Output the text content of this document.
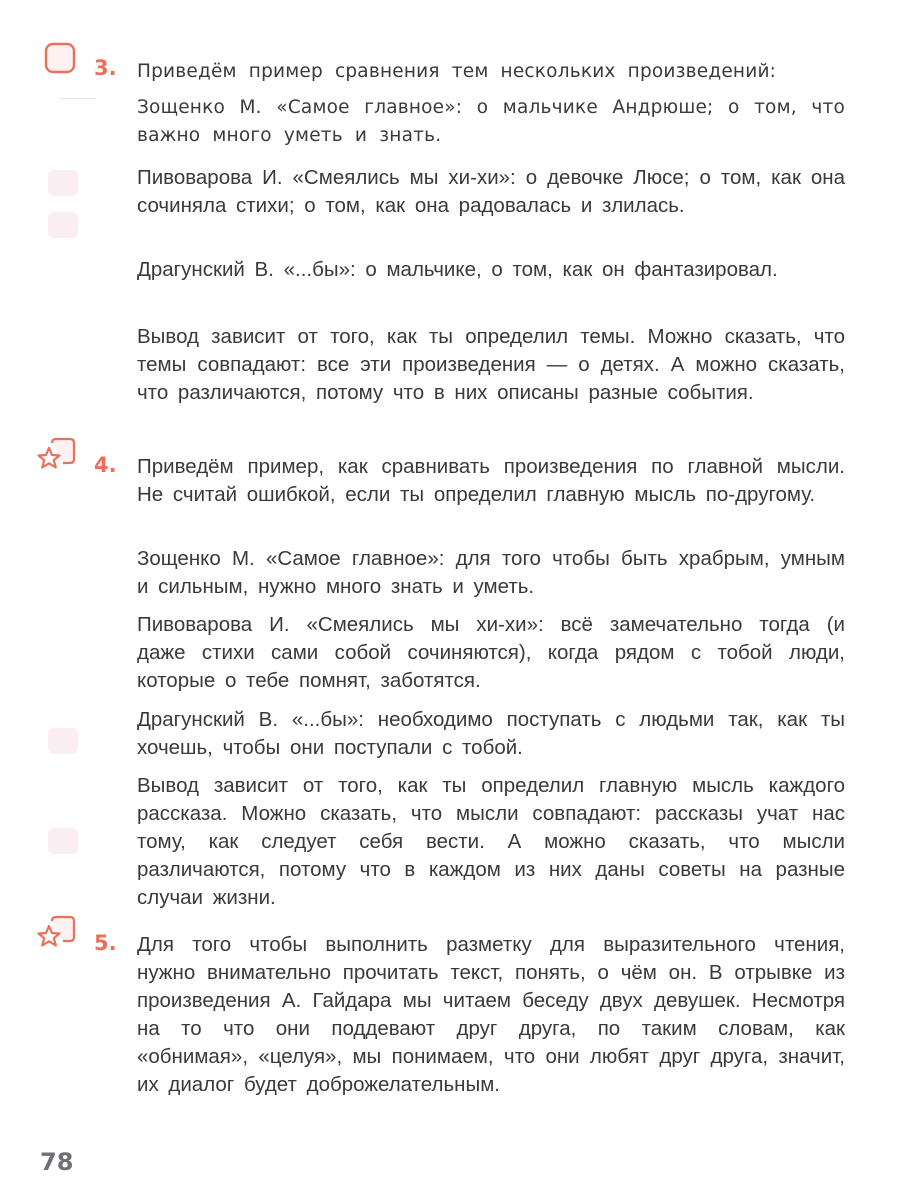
3. Приведём пример сравнения тем нескольких произведений:

Зощенко М. «Самое главное»: о мальчике Андрюше; о том, что важно много уметь и знать.

Пивоварова И. «Смеялись мы хи-хи»: о девочке Люсе; о том, как она сочиняла стихи; о том, как она радовалась и злилась.

Драгунский В. «...бы»: о мальчике, о том, как он фантазировал.

Вывод зависит от того, как ты определил темы. Можно сказать, что темы совпадают: все эти произведения — о детях. А можно сказать, что различаются, потому что в них описаны разные события.

4. Приведём пример, как сравнивать произведения по главной мысли. Не считай ошибкой, если ты определил главную мысль по-другому.

Зощенко М. «Самое главное»: для того чтобы быть храбрым, умным и сильным, нужно много знать и уметь.

Пивоварова И. «Смеялись мы хи-хи»: всё замечательно тогда (и даже стихи сами собой сочиняются), когда рядом с тобой люди, которые о тебе помнят, заботятся.

Драгунский В. «...бы»: необходимо поступать с людьми так, как ты хочешь, чтобы они поступали с тобой.

Вывод зависит от того, как ты определил главную мысль каждого рассказа. Можно сказать, что мысли совпадают: рассказы учат нас тому, как следует себя вести. А можно сказать, что мысли различаются, потому что в каждом из них даны советы на разные случаи жизни.

5. Для того чтобы выполнить разметку для выразительного чтения, нужно внимательно прочитать текст, понять, о чём он. В отрывке из произведения А. Гайдара мы читаем беседу двух девушек. Несмотря на то что они поддевают друг друга, по таким словам, как «обнимая», «целуя», мы понимаем, что они любят друг друга, значит, их диалог будет доброжелательным.

78
